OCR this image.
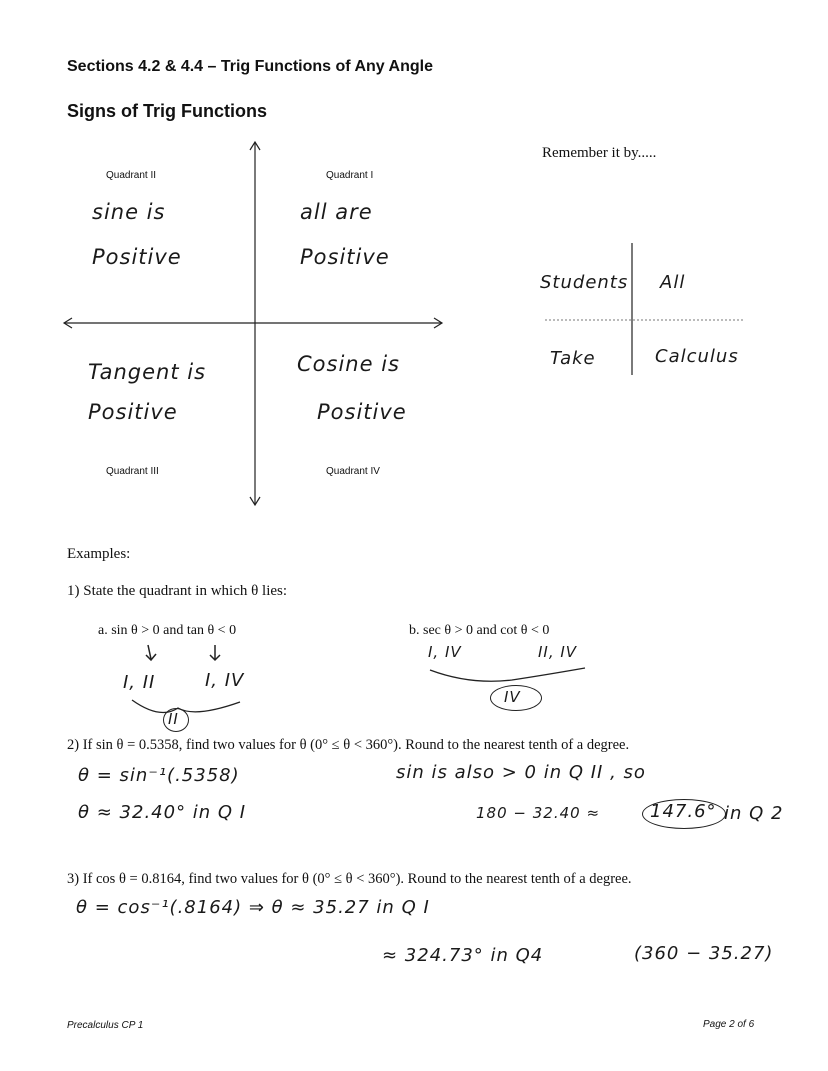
Sections 4.2 & 4.4 – Trig Functions of Any Angle
Signs of Trig Functions
Quadrant II
sine is
Positive
Quadrant I
all are
Positive
Tangent is
Positive
Quadrant III
Cosine is
Positive
Quadrant IV
Remember it by.....
Students All
Take	Calculus
Examples:
1) State the quadrant in which θ lies:
a. sin θ > 0 and tan θ < 0
I, II	I, IV
II
b. sec θ > 0 and cot θ < 0
I, IV	II, IV
IV
2) If sin θ = 0.5358, find two values for θ (0° ≤ θ < 360°). Round to the nearest tenth of a degree.
θ = sin⁻¹(.5358)
θ ≈ 32.40° in Q I
sin is also > 0 in Q II , so
180 − 32.40 ≈	147.6° in Q 2
3) If cos θ = 0.8164, find two values for θ (0° ≤ θ < 360°). Round to the nearest tenth of a degree.
θ = cos⁻¹(.8164) ⇒ θ ≈ 35.27 in Q I
≈ 324.73° in Q4	(360 − 35.27)
Precalculus CP 1	Page 2 of 6
